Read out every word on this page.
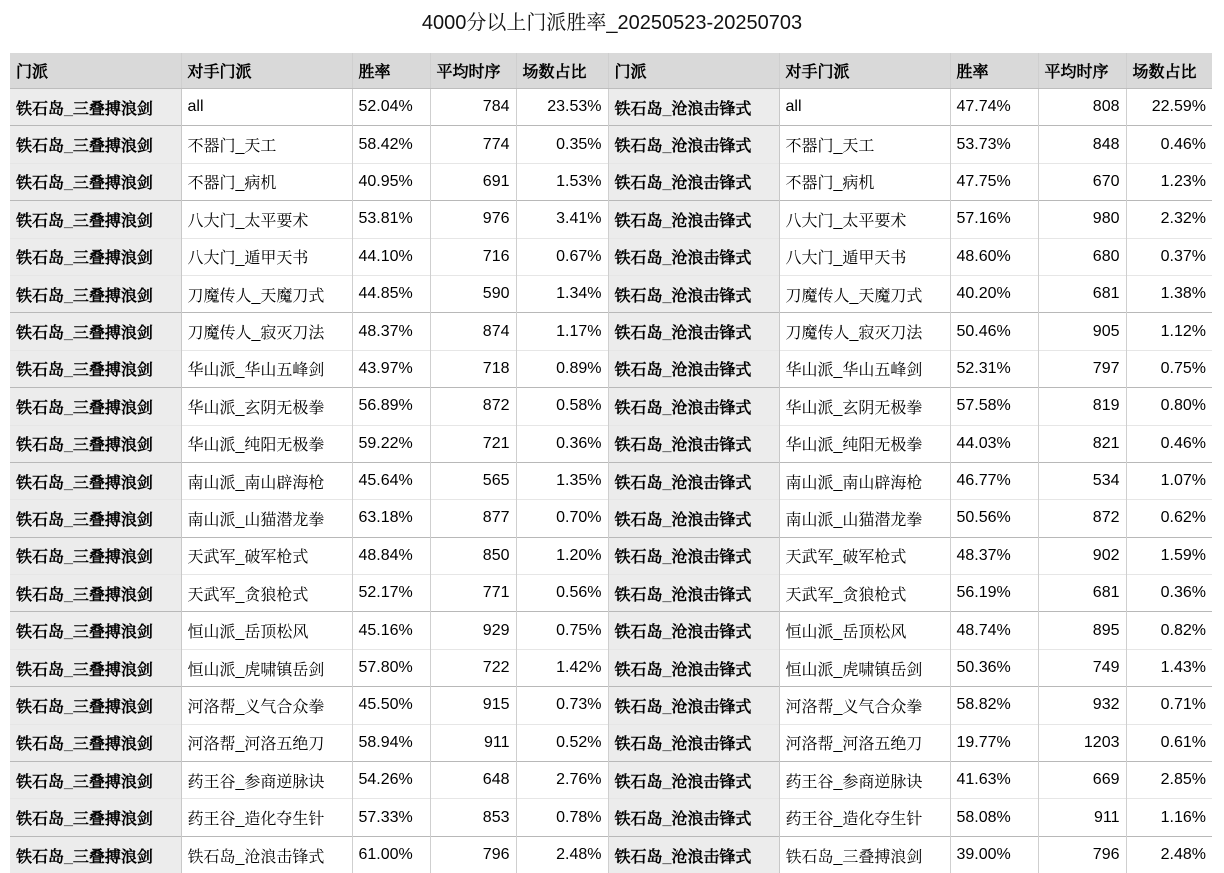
4000分以上门派胜率_20250523-20250703
门派	对手门派	胜率	平均时序	场数占比	门派	对手门派	胜率	平均时序	场数占比
铁石岛_三叠搏浪剑	all	52.04%	784	23.53%	铁石岛_沧浪击锋式	all	47.74%	808	22.59%
铁石岛_三叠搏浪剑	不器门_天工	58.42%	774	0.35%	铁石岛_沧浪击锋式	不器门_天工	53.73%	848	0.46%
铁石岛_三叠搏浪剑	不器门_病机	40.95%	691	1.53%	铁石岛_沧浪击锋式	不器门_病机	47.75%	670	1.23%
铁石岛_三叠搏浪剑	八大门_太平要术	53.81%	976	3.41%	铁石岛_沧浪击锋式	八大门_太平要术	57.16%	980	2.32%
铁石岛_三叠搏浪剑	八大门_遁甲天书	44.10%	716	0.67%	铁石岛_沧浪击锋式	八大门_遁甲天书	48.60%	680	0.37%
铁石岛_三叠搏浪剑	刀魔传人_天魔刀式	44.85%	590	1.34%	铁石岛_沧浪击锋式	刀魔传人_天魔刀式	40.20%	681	1.38%
铁石岛_三叠搏浪剑	刀魔传人_寂灭刀法	48.37%	874	1.17%	铁石岛_沧浪击锋式	刀魔传人_寂灭刀法	50.46%	905	1.12%
铁石岛_三叠搏浪剑	华山派_华山五峰剑	43.97%	718	0.89%	铁石岛_沧浪击锋式	华山派_华山五峰剑	52.31%	797	0.75%
铁石岛_三叠搏浪剑	华山派_玄阴无极拳	56.89%	872	0.58%	铁石岛_沧浪击锋式	华山派_玄阴无极拳	57.58%	819	0.80%
铁石岛_三叠搏浪剑	华山派_纯阳无极拳	59.22%	721	0.36%	铁石岛_沧浪击锋式	华山派_纯阳无极拳	44.03%	821	0.46%
铁石岛_三叠搏浪剑	南山派_南山辟海枪	45.64%	565	1.35%	铁石岛_沧浪击锋式	南山派_南山辟海枪	46.77%	534	1.07%
铁石岛_三叠搏浪剑	南山派_山猫潜龙拳	63.18%	877	0.70%	铁石岛_沧浪击锋式	南山派_山猫潜龙拳	50.56%	872	0.62%
铁石岛_三叠搏浪剑	天武军_破军枪式	48.84%	850	1.20%	铁石岛_沧浪击锋式	天武军_破军枪式	48.37%	902	1.59%
铁石岛_三叠搏浪剑	天武军_贪狼枪式	52.17%	771	0.56%	铁石岛_沧浪击锋式	天武军_贪狼枪式	56.19%	681	0.36%
铁石岛_三叠搏浪剑	恒山派_岳顶松风	45.16%	929	0.75%	铁石岛_沧浪击锋式	恒山派_岳顶松风	48.74%	895	0.82%
铁石岛_三叠搏浪剑	恒山派_虎啸镇岳剑	57.80%	722	1.42%	铁石岛_沧浪击锋式	恒山派_虎啸镇岳剑	50.36%	749	1.43%
铁石岛_三叠搏浪剑	河洛帮_义气合众拳	45.50%	915	0.73%	铁石岛_沧浪击锋式	河洛帮_义气合众拳	58.82%	932	0.71%
铁石岛_三叠搏浪剑	河洛帮_河洛五绝刀	58.94%	911	0.52%	铁石岛_沧浪击锋式	河洛帮_河洛五绝刀	19.77%	1203	0.61%
铁石岛_三叠搏浪剑	药王谷_参商逆脉诀	54.26%	648	2.76%	铁石岛_沧浪击锋式	药王谷_参商逆脉诀	41.63%	669	2.85%
铁石岛_三叠搏浪剑	药王谷_造化夺生针	57.33%	853	0.78%	铁石岛_沧浪击锋式	药王谷_造化夺生针	58.08%	911	1.16%
铁石岛_三叠搏浪剑	铁石岛_沧浪击锋式	61.00%	796	2.48%	铁石岛_沧浪击锋式	铁石岛_三叠搏浪剑	39.00%	796	2.48%
